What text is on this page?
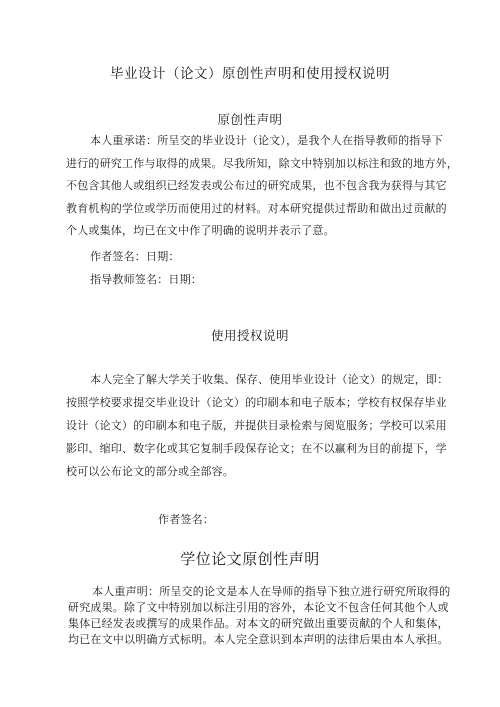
毕业设计（论文）原创性声明和使用授权说明
原创性声明

本人重承诺：所呈交的毕业设计（论文），是我个人在指导教师的指导下

进行的研究工作与取得的成果。尽我所知，除文中特别加以标注和致的地方外，

不包含其他人或组织已经发表或公布过的研究成果，也不包含我为获得与其它

教育机构的学位或学历而使用过的材料。对本研究提供过帮助和做出过贡献的

个人或集体，均已在文中作了明确的说明并表示了意。

作者签名：日期：
指导教师签名：日期：
使用授权说明

本人完全了解大学关于收集、保存、使用毕业设计（论文）的规定，即：

按照学校要求提交毕业设计（论文）的印刷本和电子版本；学校有权保存毕业

设计（论文）的印刷本和电子版，并提供目录检索与阅览服务；学校可以采用

影印、缩印、数字化或其它复制手段保存论文；在不以赢利为目的前提下，学

校可以公布论文的部分或全部容。

作者签名：
学位论文原创性声明

本人重声明：所呈交的论文是本人在导师的指导下独立进行研究所取得的

研究成果。除了文中特别加以标注引用的容外，本论文不包含任何其他个人或

集体已经发表或撰写的成果作品。对本文的研究做出重要贡献的个人和集体，

均已在文中以明确方式标明。本人完全意识到本声明的法律后果由本人承担。
